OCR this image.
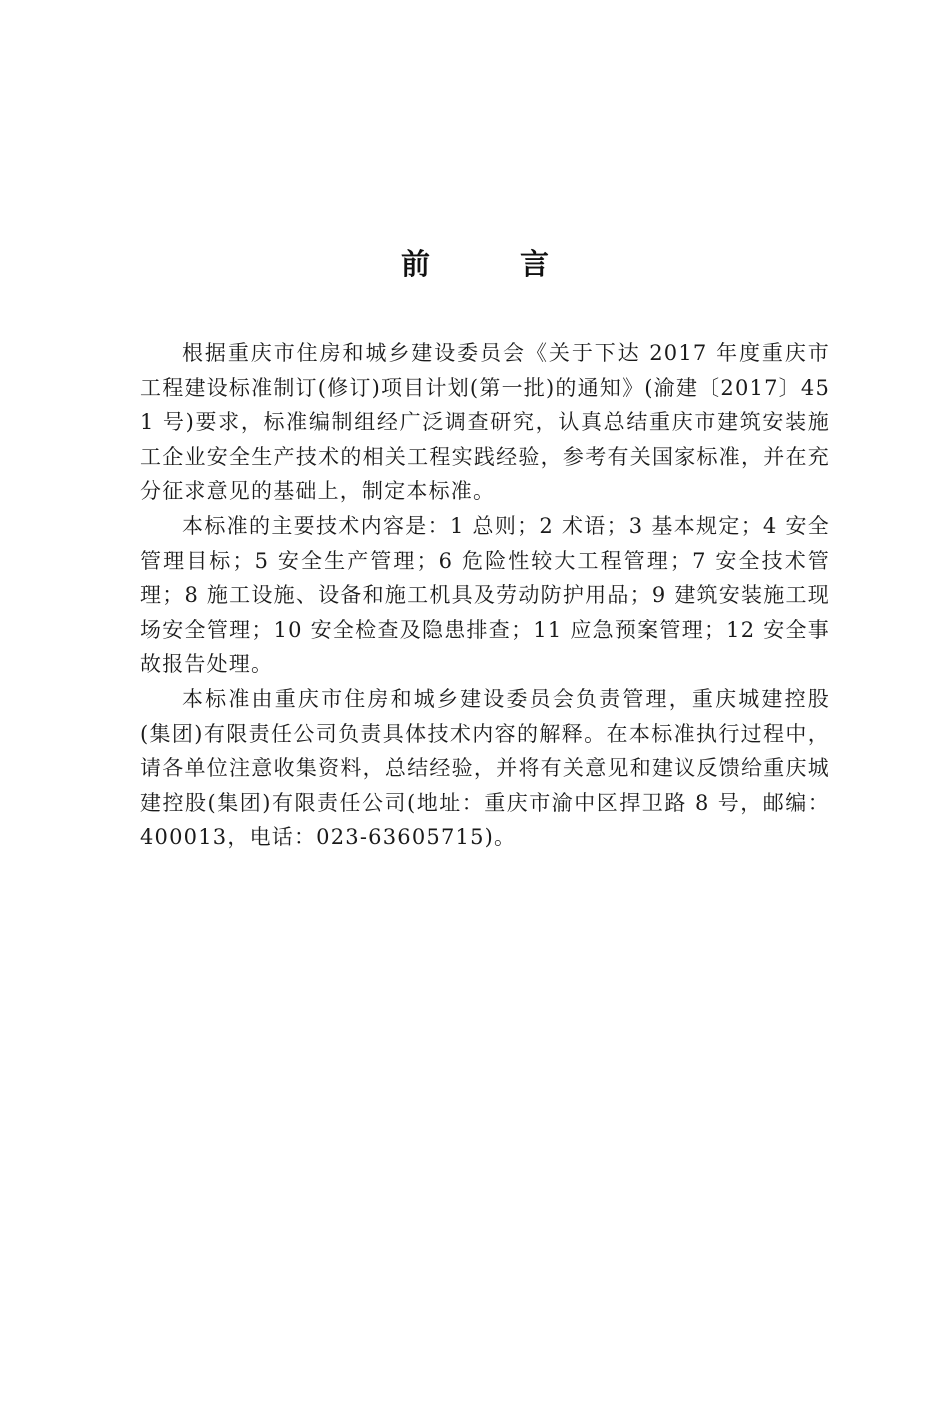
前 言

根据重庆市住房和城乡建设委员会《关于下达 2017 年度重庆市工程建设标准制订(修订)项目计划(第一批)的通知》(渝建〔2017〕451 号)要求，标准编制组经广泛调查研究，认真总结重庆市建筑安装施工企业安全生产技术的相关工程实践经验，参考有关国家标准，并在充分征求意见的基础上，制定本标准。

本标准的主要技术内容是：1 总则；2 术语；3 基本规定；4 安全管理目标；5 安全生产管理；6 危险性较大工程管理；7 安全技术管理；8 施工设施、设备和施工机具及劳动防护用品；9 建筑安装施工现场安全管理；10 安全检查及隐患排查；11 应急预案管理；12 安全事故报告处理。

本标准由重庆市住房和城乡建设委员会负责管理，重庆城建控股(集团)有限责任公司负责具体技术内容的解释。在本标准执行过程中，请各单位注意收集资料，总结经验，并将有关意见和建议反馈给重庆城建控股(集团)有限责任公司(地址：重庆市渝中区捍卫路 8 号，邮编：400013，电话：023-63605715)。
